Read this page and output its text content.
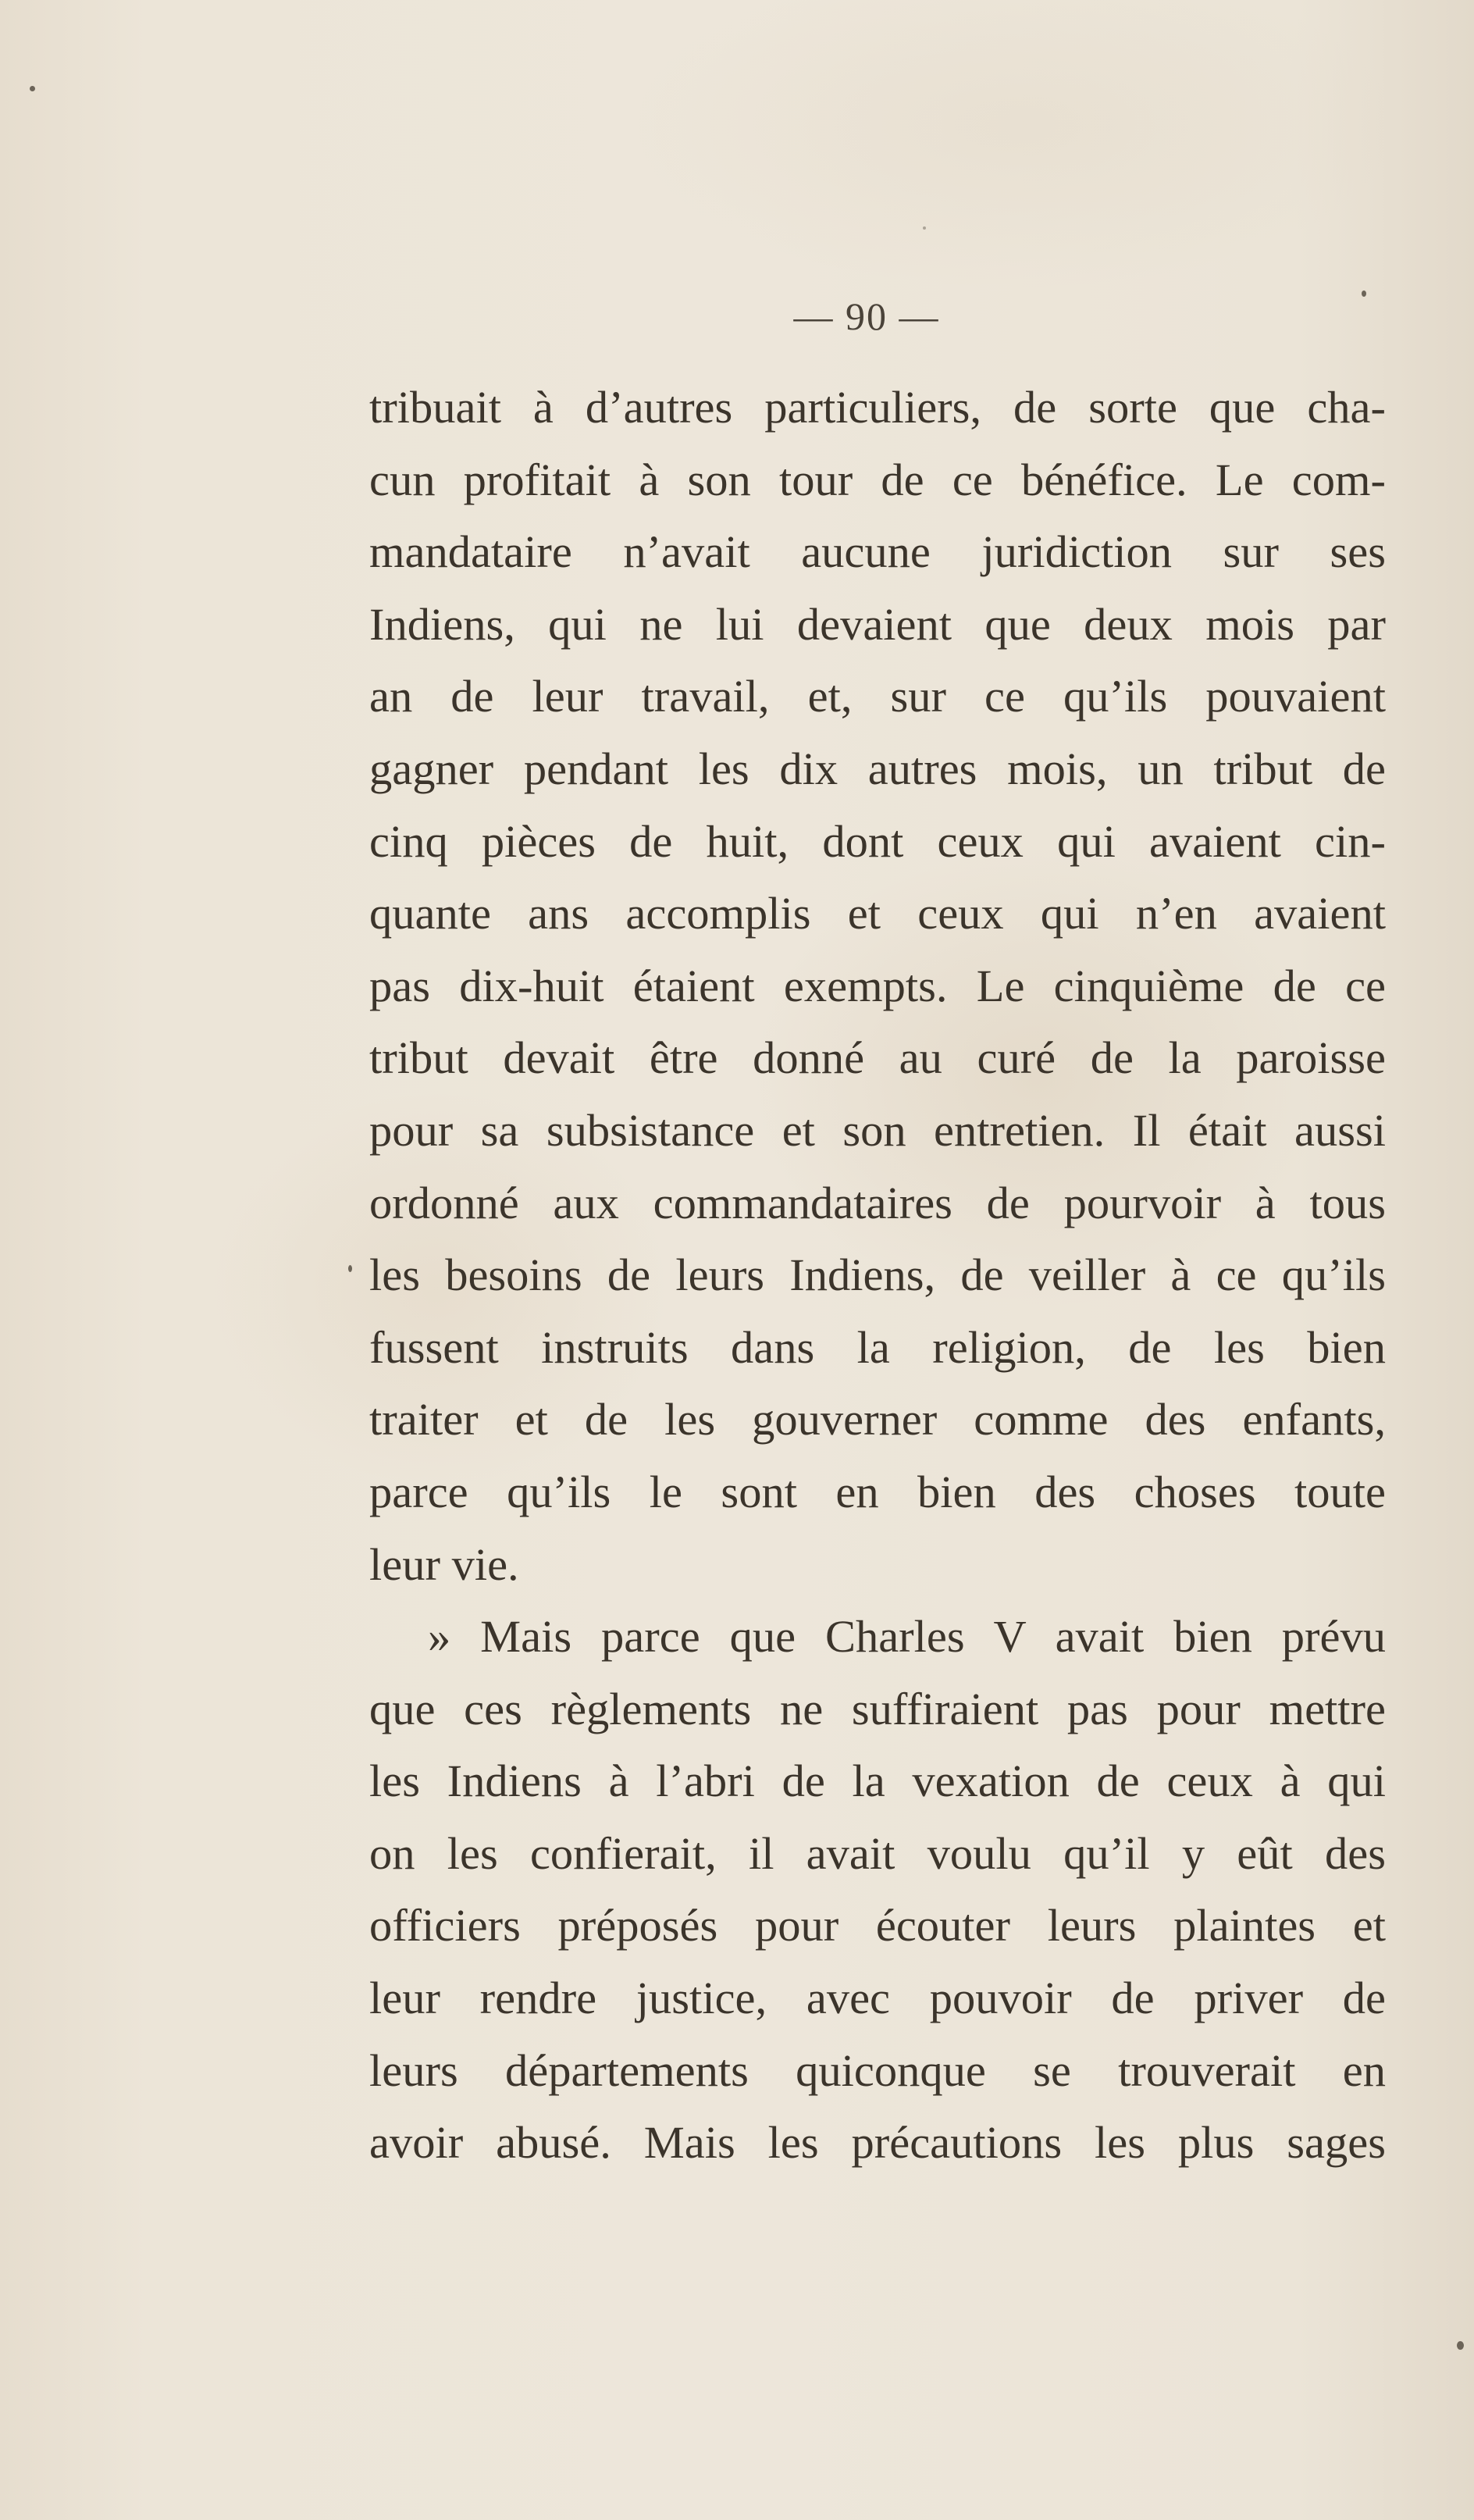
— 90 —
tribuait à d’autres particuliers, de sorte que cha-
cun profitait à son tour de ce bénéfice. Le com-
mandataire n’avait aucune juridiction sur ses
Indiens, qui ne lui devaient que deux mois par
an de leur travail, et, sur ce qu’ils pouvaient
gagner pendant les dix autres mois, un tribut de
cinq pièces de huit, dont ceux qui avaient cin-
quante ans accomplis et ceux qui n’en avaient
pas dix-huit étaient exempts. Le cinquième de ce
tribut devait être donné au curé de la paroisse
pour sa subsistance et son entretien. Il était aussi
ordonné aux commandataires de pourvoir à tous
les besoins de leurs Indiens, de veiller à ce qu’ils
fussent instruits dans la religion, de les bien
traiter et de les gouverner comme des enfants,
parce qu’ils le sont en bien des choses toute
leur vie.
» Mais parce que Charles V avait bien prévu
que ces règlements ne suffiraient pas pour mettre
les Indiens à l’abri de la vexation de ceux à qui
on les confierait, il avait voulu qu’il y eût des
officiers préposés pour écouter leurs plaintes et
leur rendre justice, avec pouvoir de priver de
leurs départements quiconque se trouverait en
avoir abusé. Mais les précautions les plus sages
